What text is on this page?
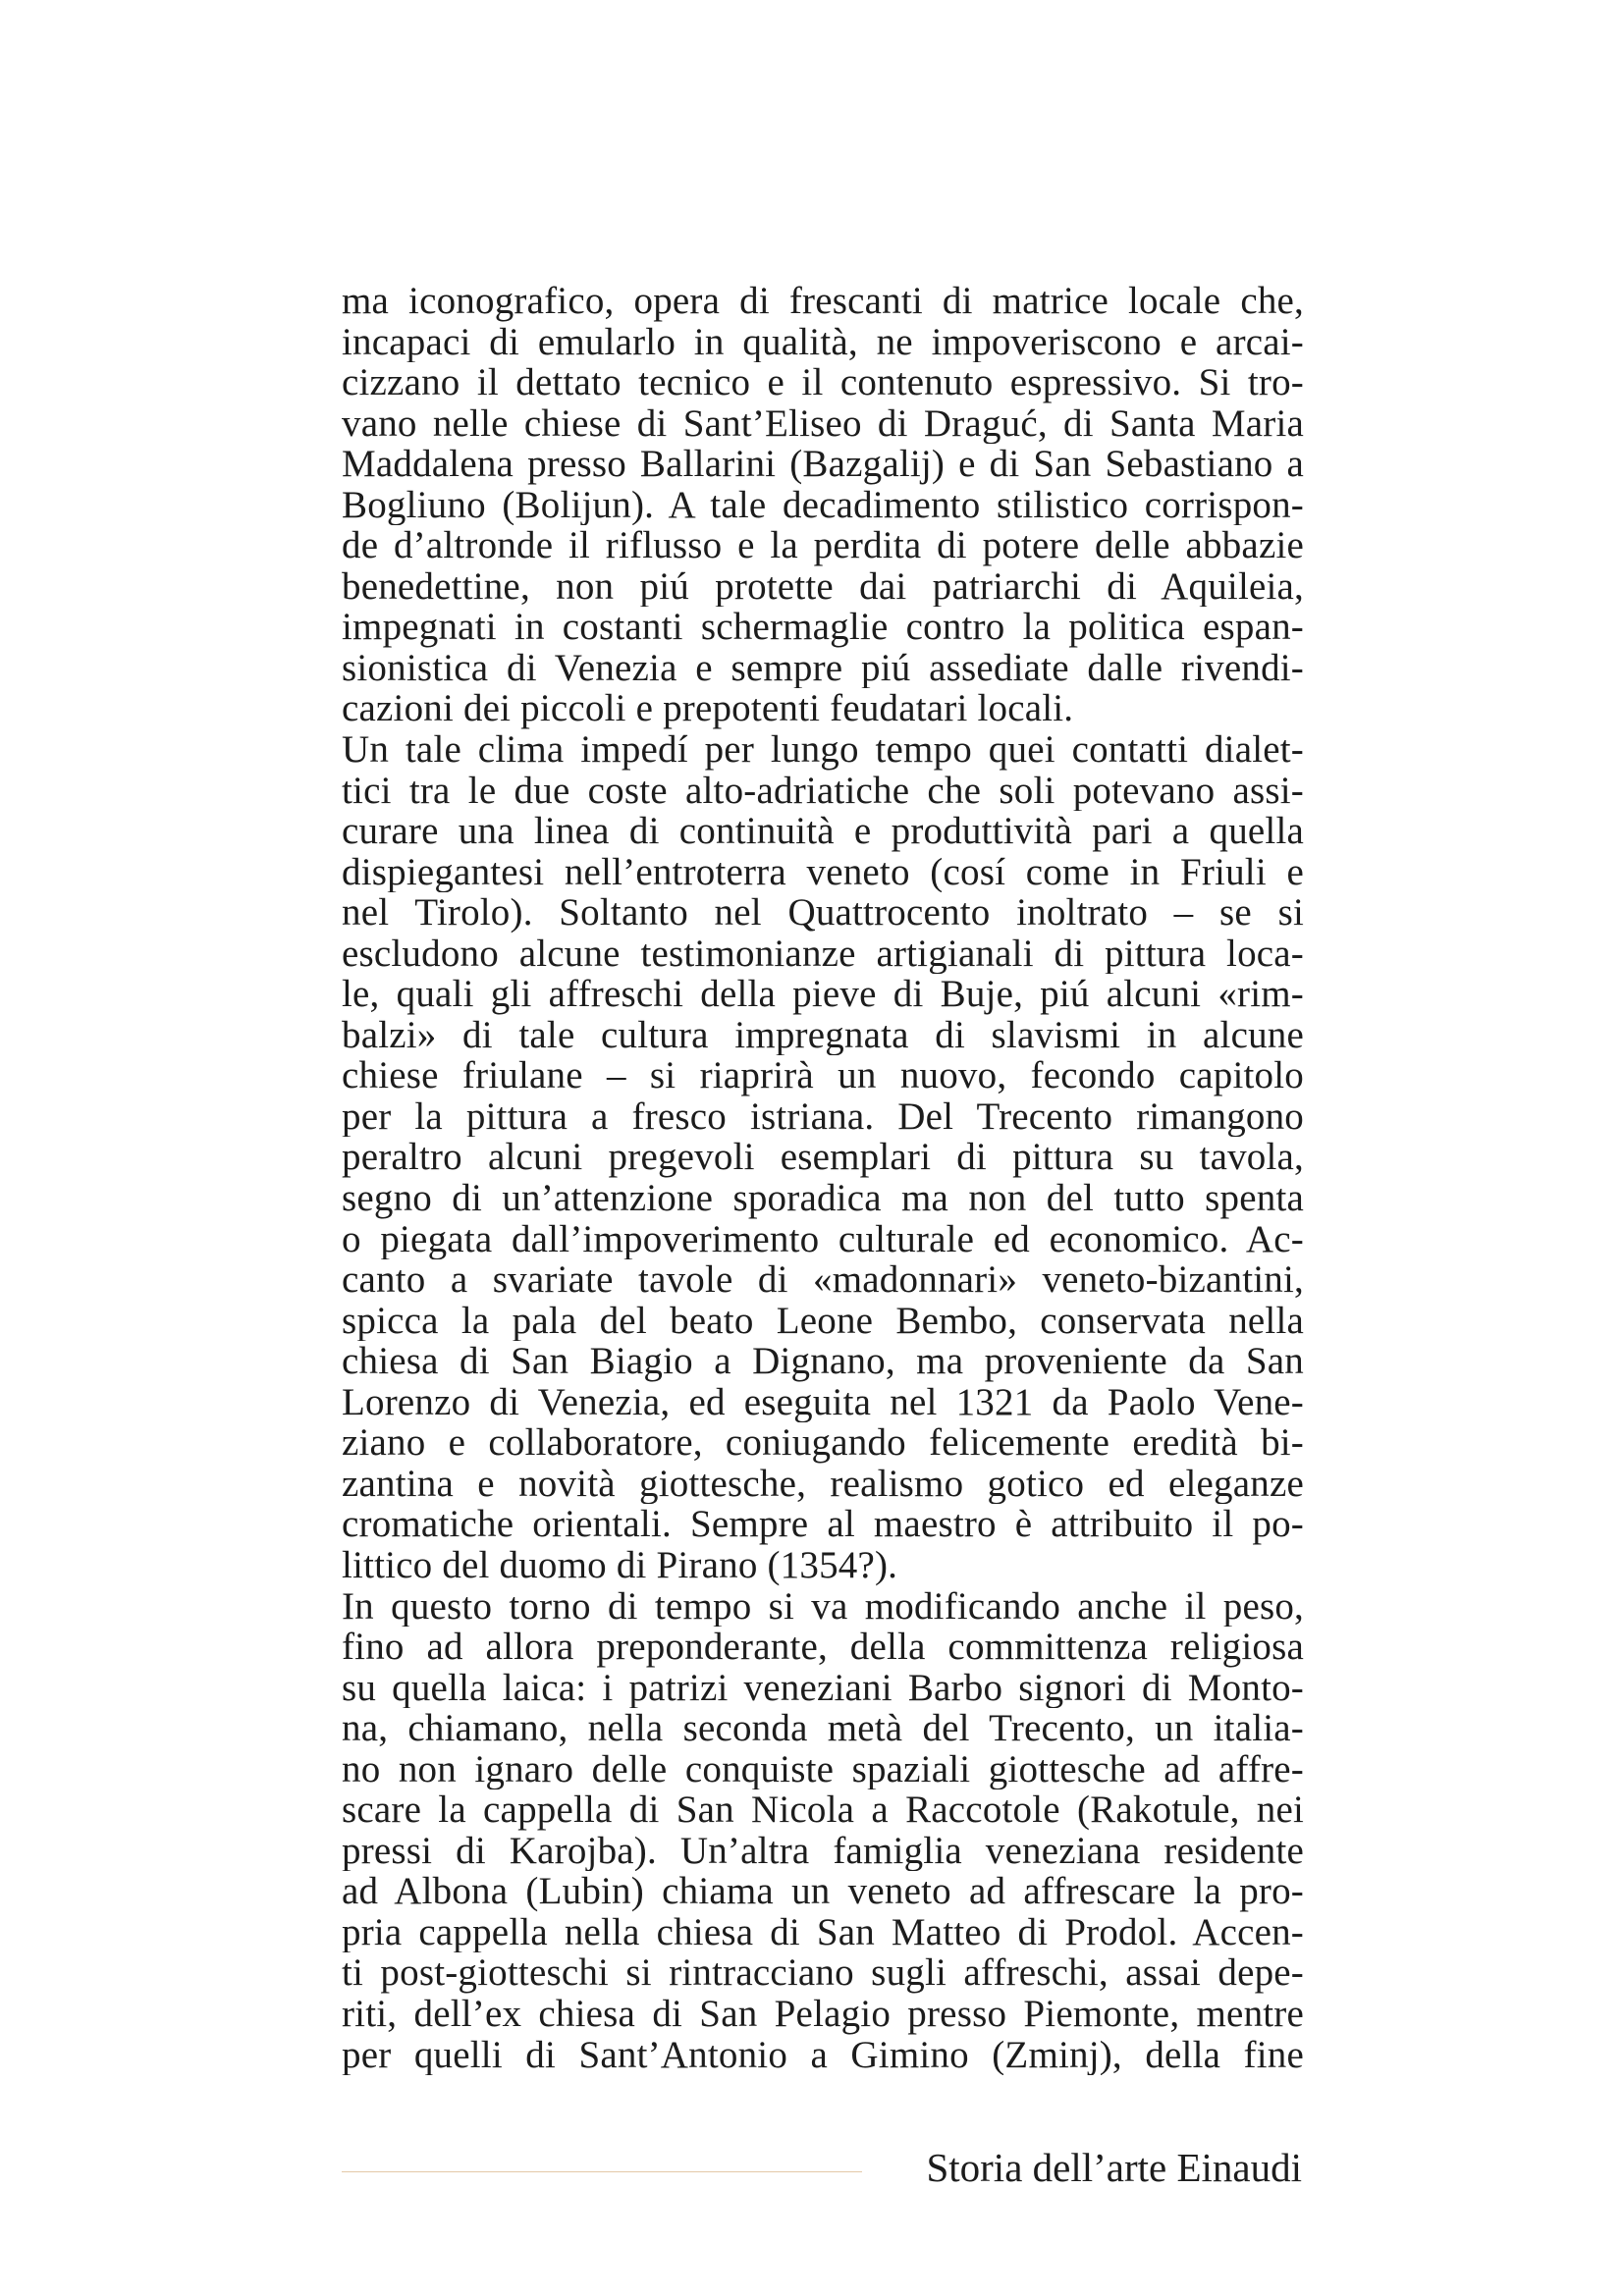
ma iconografico, opera di frescanti di matrice locale che,
incapaci di emularlo in qualità, ne impoveriscono e arcai-
cizzano il dettato tecnico e il contenuto espressivo. Si tro-
vano nelle chiese di Sant’Eliseo di Draguć, di Santa Maria
Maddalena presso Ballarini (Bazgalij) e di San Sebastiano a
Bogliuno (Bolijun). A tale decadimento stilistico corrispon-
de d’altronde il riflusso e la perdita di potere delle abbazie
benedettine, non piú protette dai patriarchi di Aquileia,
impegnati in costanti schermaglie contro la politica espan-
sionistica di Venezia e sempre piú assediate dalle rivendi-
cazioni dei piccoli e prepotenti feudatari locali.
Un tale clima impedí per lungo tempo quei contatti dialet-
tici tra le due coste alto-adriatiche che soli potevano assi-
curare una linea di continuità e produttività pari a quella
dispiegantesi nell’entroterra veneto (cosí come in Friuli e
nel Tirolo). Soltanto nel Quattrocento inoltrato – se si
escludono alcune testimonianze artigianali di pittura loca-
le, quali gli affreschi della pieve di Buje, piú alcuni «rim-
balzi» di tale cultura impregnata di slavismi in alcune
chiese friulane – si riaprirà un nuovo, fecondo capitolo
per la pittura a fresco istriana. Del Trecento rimangono
peraltro alcuni pregevoli esemplari di pittura su tavola,
segno di un’attenzione sporadica ma non del tutto spenta
o piegata dall’impoverimento culturale ed economico. Ac-
canto a svariate tavole di «madonnari» veneto-bizantini,
spicca la pala del beato Leone Bembo, conservata nella
chiesa di San Biagio a Dignano, ma proveniente da San
Lorenzo di Venezia, ed eseguita nel 1321 da Paolo Vene-
ziano e collaboratore, coniugando felicemente eredità bi-
zantina e novità giottesche, realismo gotico ed eleganze
cromatiche orientali. Sempre al maestro è attribuito il po-
littico del duomo di Pirano (1354?).
In questo torno di tempo si va modificando anche il peso,
fino ad allora preponderante, della committenza religiosa
su quella laica: i patrizi veneziani Barbo signori di Monto-
na, chiamano, nella seconda metà del Trecento, un italia-
no non ignaro delle conquiste spaziali giottesche ad affre-
scare la cappella di San Nicola a Raccotole (Rakotule, nei
pressi di Karojba). Un’altra famiglia veneziana residente
ad Albona (Lubin) chiama un veneto ad affrescare la pro-
pria cappella nella chiesa di San Matteo di Prodol. Accen-
ti post-giotteschi si rintracciano sugli affreschi, assai depe-
riti, dell’ex chiesa di San Pelagio presso Piemonte, mentre
per quelli di Sant’Antonio a Gimino (Zminj), della fine
Storia dell’arte Einaudi
